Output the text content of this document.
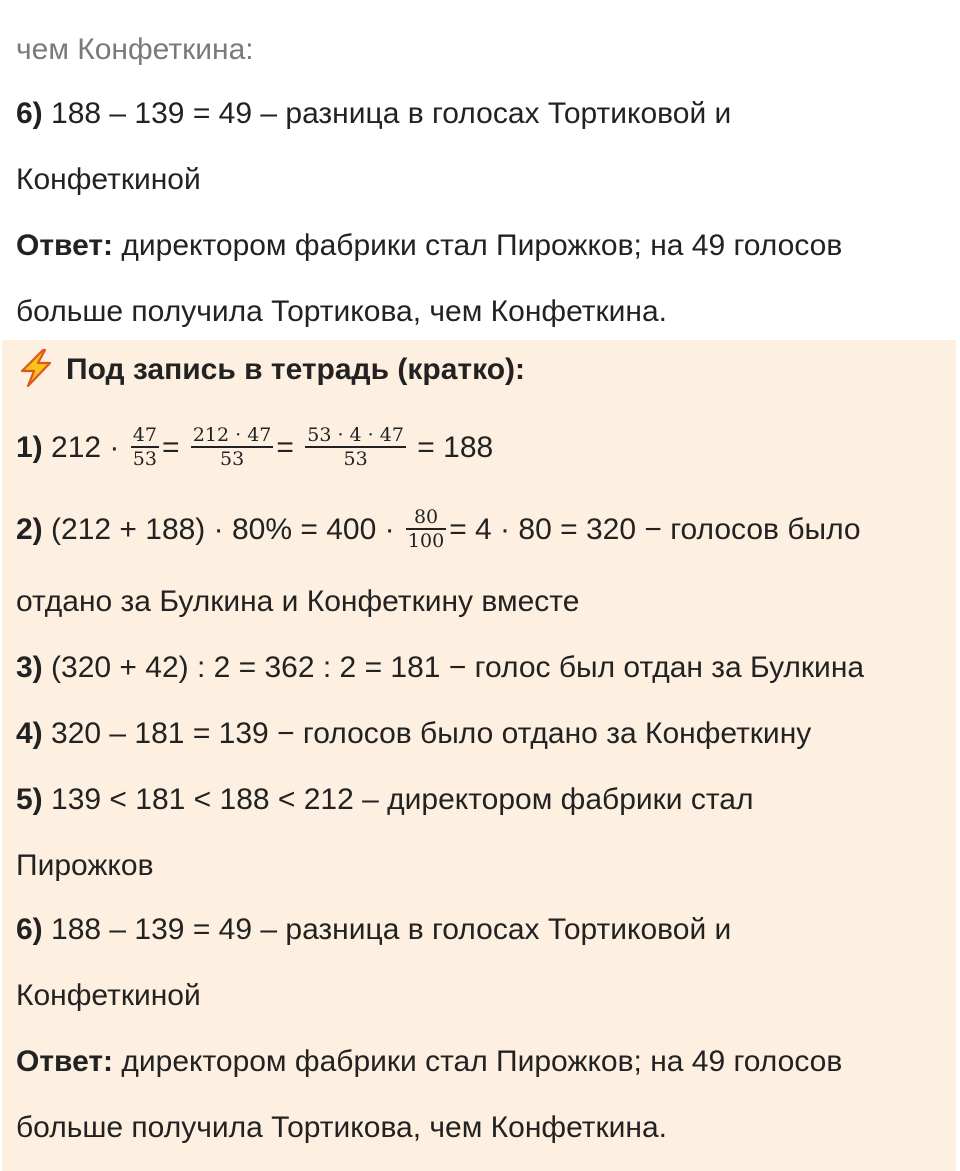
чем Конфеткина:
6) 188 – 139 = 49 – разница в голосах Тортиковой и
Конфеткиной
Ответ: директором фабрики стал Пирожков; на 49 голосов
больше получила Тортикова, чем Конфеткина.
Под запись в тетрадь (кратко):
1) $212 \cdot \frac{47}{53} = \frac{212 \cdot 47}{53} = \frac{53 \cdot 4 \cdot 47}{53} = 188$
2) $(212 + 188) \cdot 80\% = 400 \cdot \frac{80}{100} = 4 \cdot 80 = 320$ − голосов было
отдано за Булкина и Конфеткину вместе
3) (320 + 42) : 2 = 362 : 2 = 181 − голос был отдан за Булкина
4) 320 – 181 = 139 − голосов было отдано за Конфеткину
5) 139 < 181 < 188 < 212 – директором фабрики стал
Пирожков
6) 188 – 139 = 49 – разница в голосах Тортиковой и
Конфеткиной
Ответ: директором фабрики стал Пирожков; на 49 голосов
больше получила Тортикова, чем Конфеткина.
